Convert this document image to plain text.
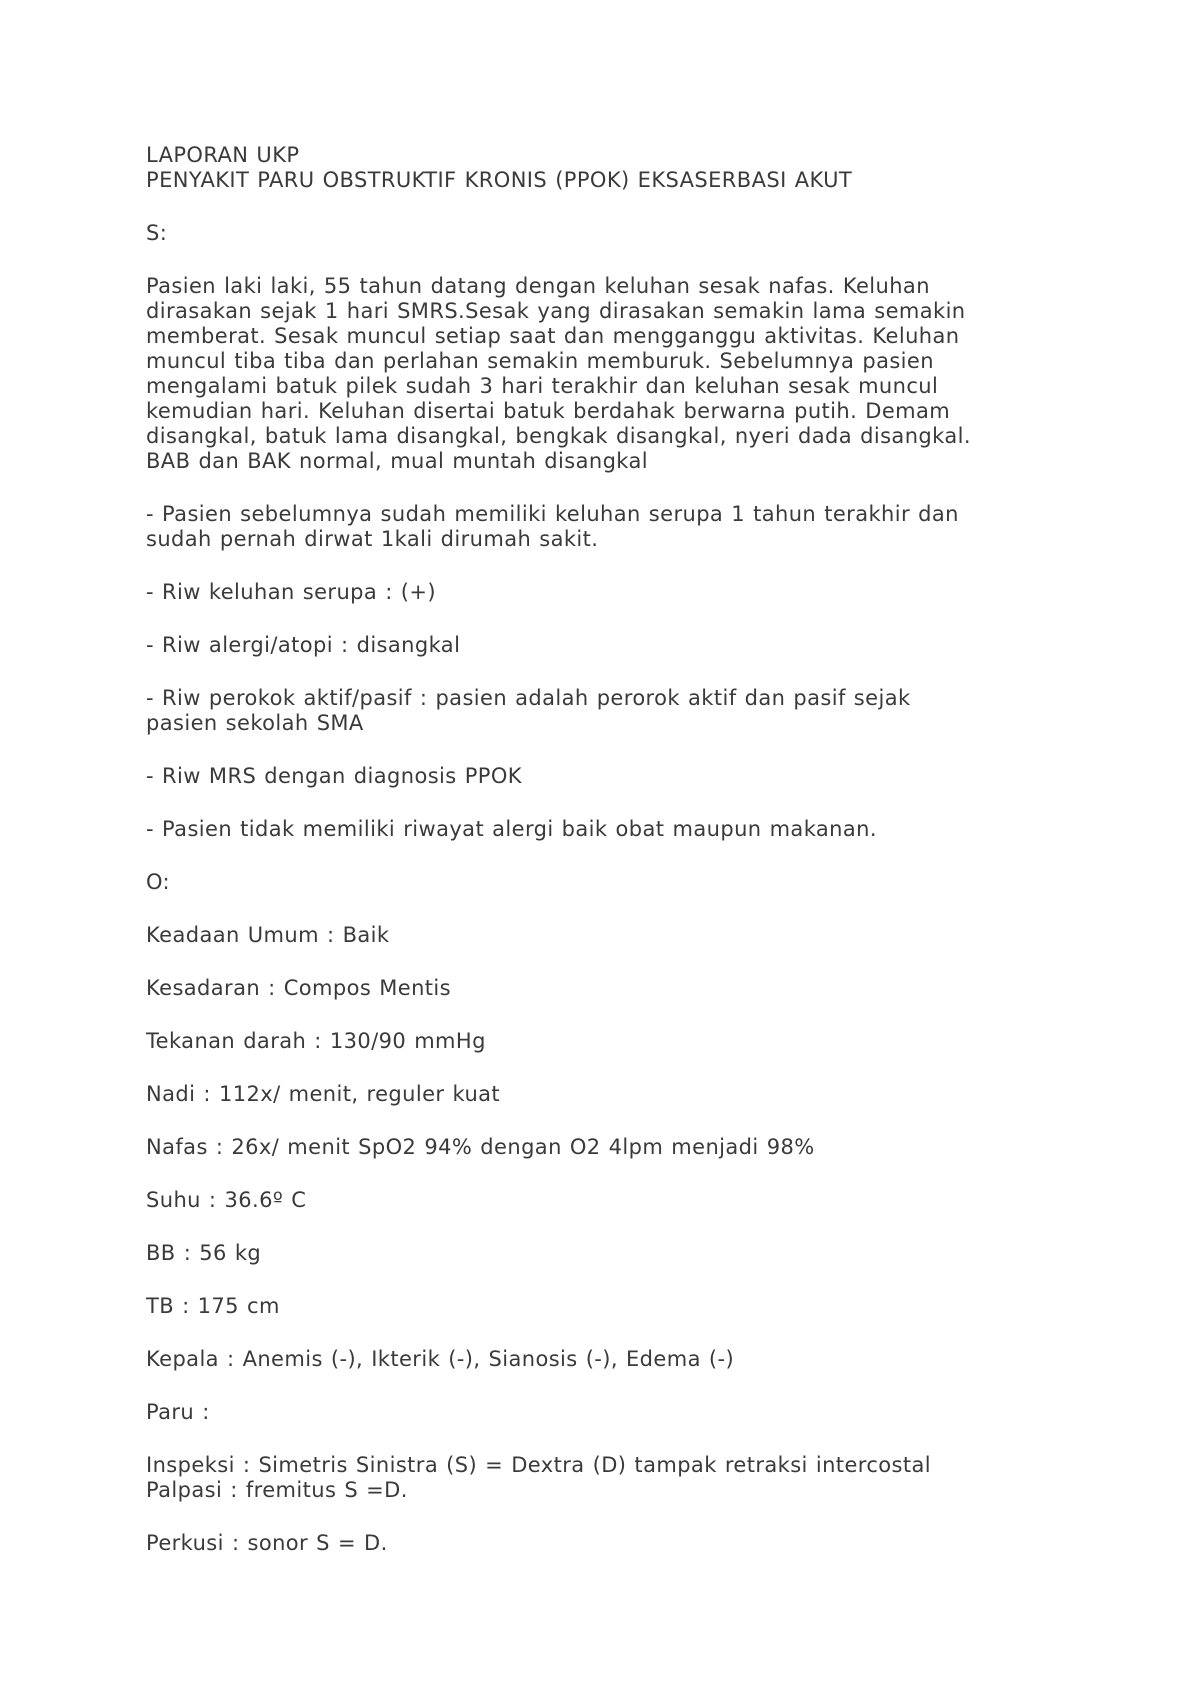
LAPORAN UKP
PENYAKIT PARU OBSTRUKTIF KRONIS (PPOK) EKSASERBASI AKUT
S:
Pasien laki laki, 55 tahun datang dengan keluhan sesak nafas. Keluhan
dirasakan sejak 1 hari SMRS.Sesak yang dirasakan semakin lama semakin
memberat. Sesak muncul setiap saat dan mengganggu aktivitas. Keluhan
muncul tiba tiba dan perlahan semakin memburuk. Sebelumnya pasien
mengalami batuk pilek sudah 3 hari terakhir dan keluhan sesak muncul
kemudian hari. Keluhan disertai batuk berdahak berwarna putih. Demam
disangkal, batuk lama disangkal, bengkak disangkal, nyeri dada disangkal.
BAB dan BAK normal, mual muntah disangkal
- Pasien sebelumnya sudah memiliki keluhan serupa 1 tahun terakhir dan
sudah pernah dirwat 1kali dirumah sakit.
- Riw keluhan serupa : (+)
- Riw alergi/atopi : disangkal
- Riw perokok aktif/pasif : pasien adalah perorok aktif dan pasif sejak
pasien sekolah SMA
- Riw MRS dengan diagnosis PPOK
- Pasien tidak memiliki riwayat alergi baik obat maupun makanan.
O:
Keadaan Umum : Baik
Kesadaran : Compos Mentis
Tekanan darah : 130/90 mmHg
Nadi : 112x/ menit, reguler kuat
Nafas : 26x/ menit SpO2 94% dengan O2 4lpm menjadi 98%
Suhu : 36.6º C
BB : 56 kg
TB : 175 cm
Kepala : Anemis (-), Ikterik (-), Sianosis (-), Edema (-)
Paru :
Inspeksi : Simetris Sinistra (S) = Dextra (D) tampak retraksi intercostal
Palpasi : fremitus S =D.
Perkusi : sonor S = D.
